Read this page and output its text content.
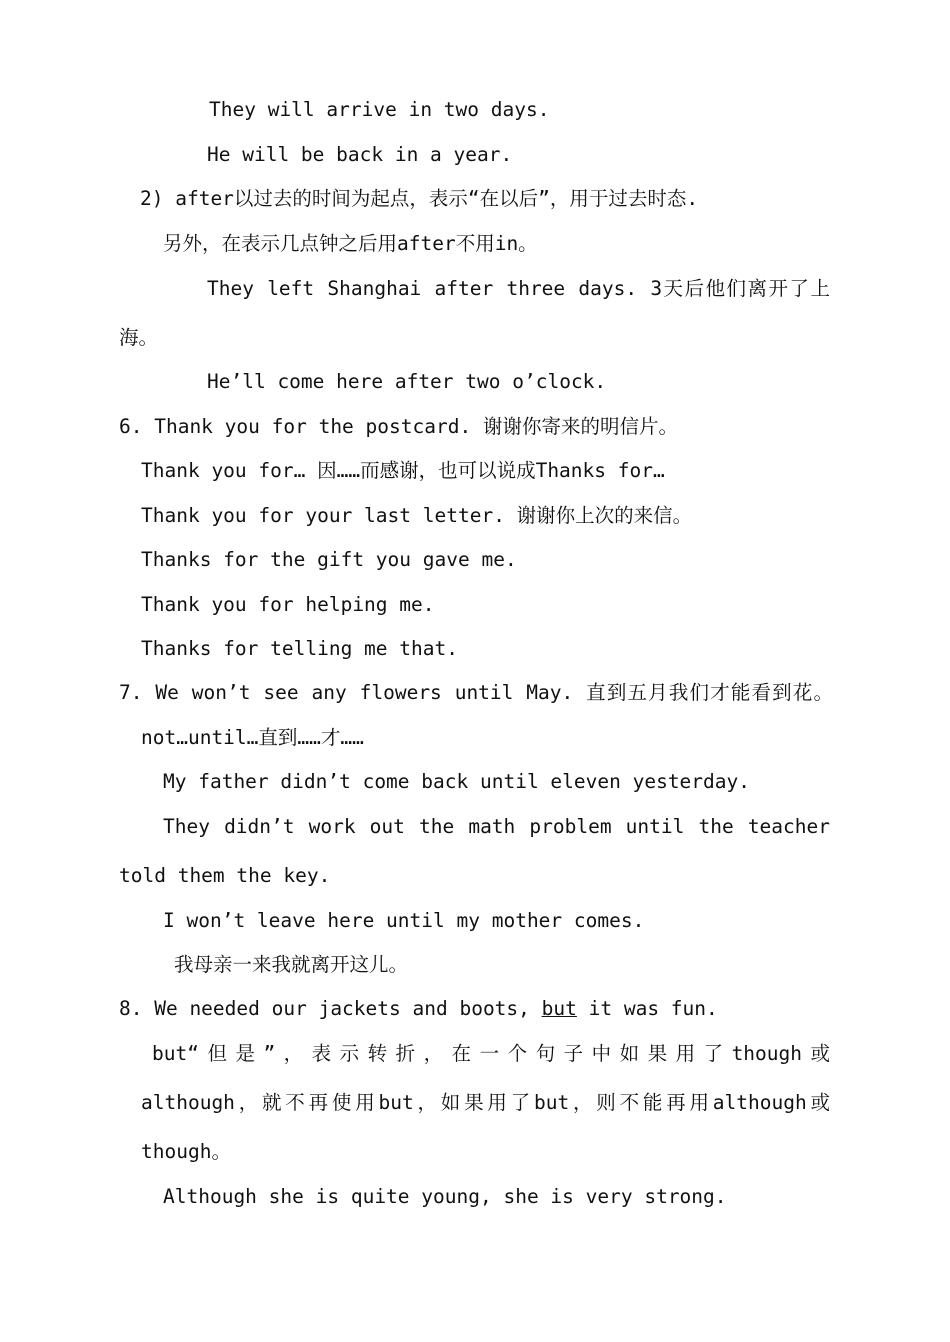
They will arrive in two days.
He will be back in a year.
2) after以过去的时间为起点，表示“在以后”，用于过去时态.
另外，在表示几点钟之后用after不用in。
They left Shanghai after three days. 3天后他们离开了上
海。
He’ll come here after two o’clock.
6. Thank you for the postcard. 谢谢你寄来的明信片。
Thank you for… 因……而感谢，也可以说成Thanks for…
Thank you for your last letter. 谢谢你上次的来信。
Thanks for the gift you gave me.
Thank you for helping me.
Thanks for telling me that.
7. We won’t see any flowers until May. 直到五月我们才能看到花。
not…until…直到……才……
My father didn’t come back until eleven yesterday.
They didn’t work out the math problem until the teacher
told them the key.
I won’t leave here until my mother comes.
我母亲一来我就离开这儿。
8. We needed our jackets and boots, but it was fun.
but“但是”，表示转折，在一个句子中如果用了though或
although，就不再使用but，如果用了but，则不能再用although或
though。
Although she is quite young, she is very strong.
